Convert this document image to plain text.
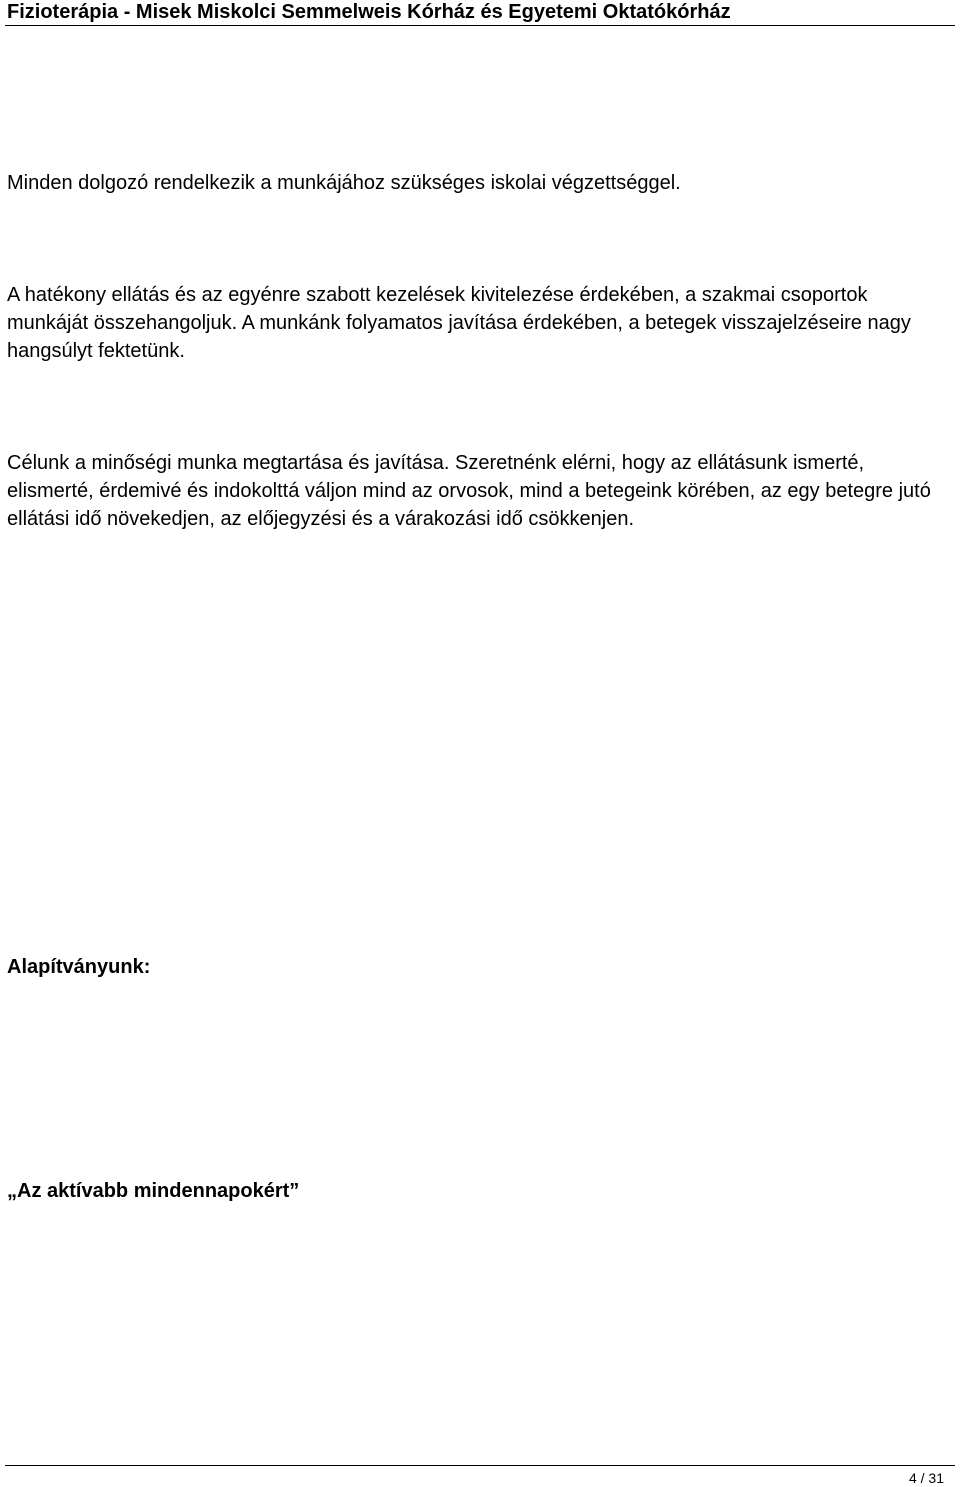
Fizioterápia - Misek Miskolci Semmelweis Kórház és Egyetemi Oktatókórház

Minden dolgozó rendelkezik a munkájához szükséges iskolai végzettséggel.

A hatékony ellátás és az egyénre szabott kezelések kivitelezése érdekében, a szakmai csoportok munkáját összehangoljuk. A munkánk folyamatos javítása érdekében, a betegek visszajelzéseire nagy hangsúlyt fektetünk.

Célunk a minőségi munka megtartása és javítása. Szeretnénk elérni, hogy az ellátásunk ismerté, elismerté, érdemivé és indokolttá váljon mind az orvosok, mind a betegeink körében, az egy betegre jutó ellátási idő növekedjen, az előjegyzési és a várakozási idő csökkenjen.

Alapítványunk:

„Az aktívabb mindennapokért”

4 / 31
